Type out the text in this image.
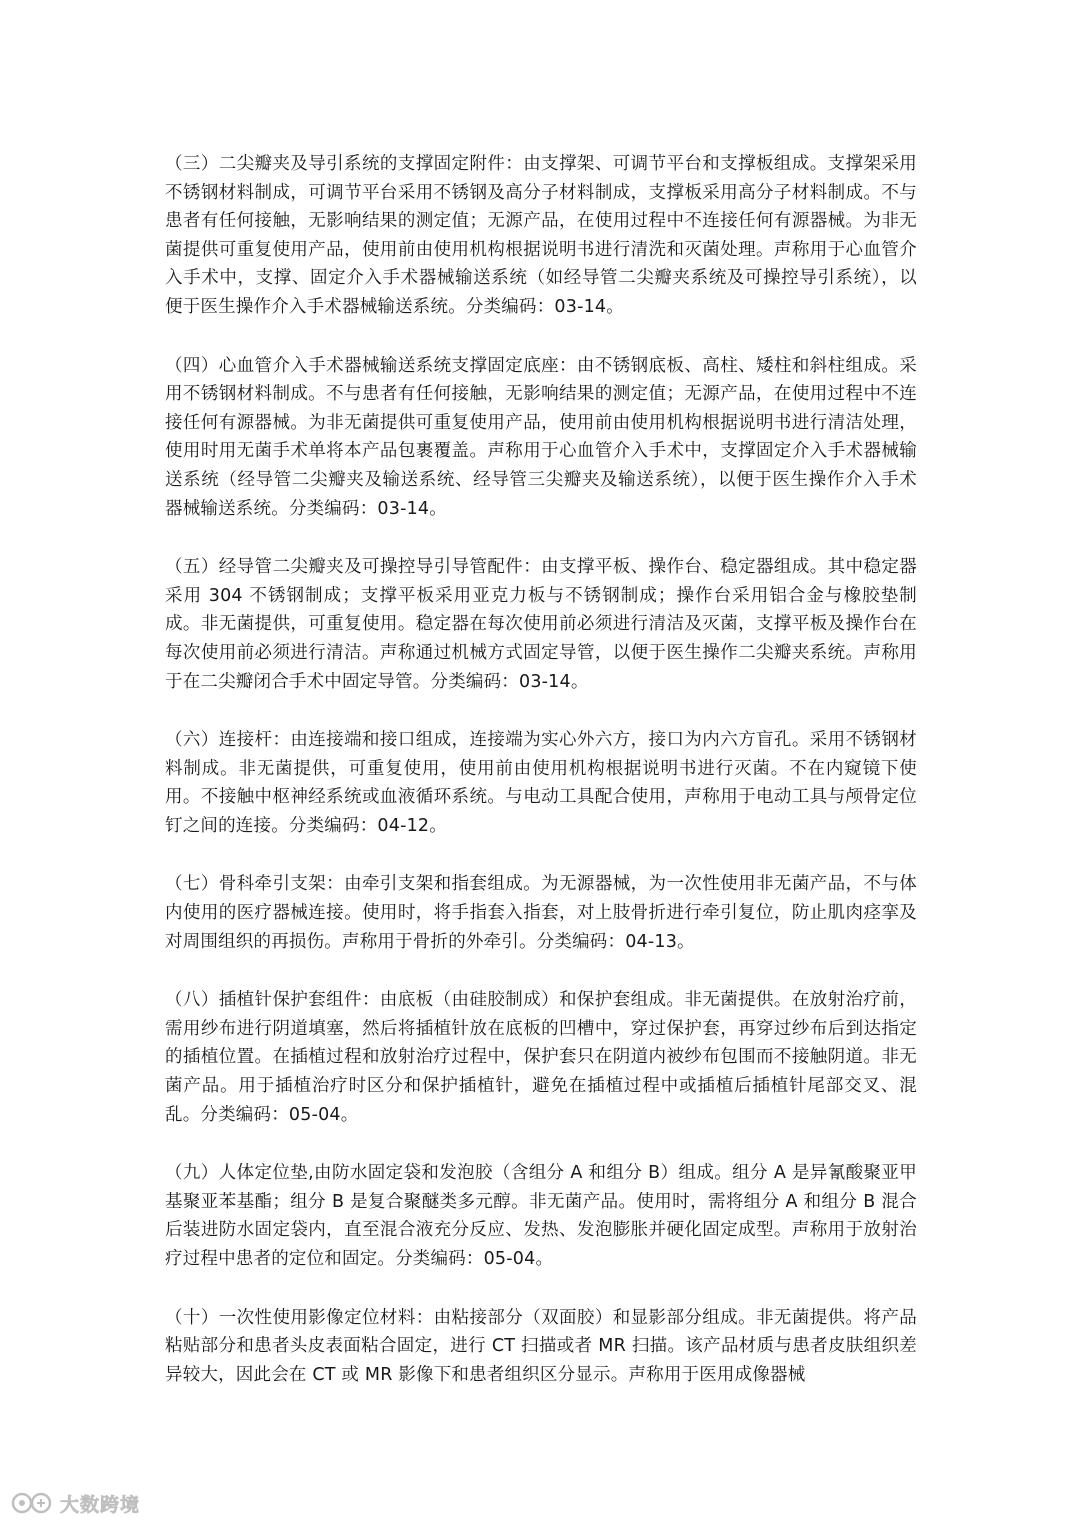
（三）二尖瓣夹及导引系统的支撑固定附件：由支撑架、可调节平台和支撑板组成。支撑架采用不锈钢材料制成，可调节平台采用不锈钢及高分子材料制成，支撑板采用高分子材料制成。不与患者有任何接触，无影响结果的测定值；无源产品，在使用过程中不连接任何有源器械。为非无菌提供可重复使用产品，使用前由使用机构根据说明书进行清洗和灭菌处理。声称用于心血管介入手术中，支撑、固定介入手术器械输送系统（如经导管二尖瓣夹系统及可操控导引系统），以便于医生操作介入手术器械输送系统。分类编码：03-14。

（四）心血管介入手术器械输送系统支撑固定底座：由不锈钢底板、高柱、矮柱和斜柱组成。采用不锈钢材料制成。不与患者有任何接触，无影响结果的测定值；无源产品，在使用过程中不连接任何有源器械。为非无菌提供可重复使用产品，使用前由使用机构根据说明书进行清洁处理，使用时用无菌手术单将本产品包裹覆盖。声称用于心血管介入手术中，支撑固定介入手术器械输送系统（经导管二尖瓣夹及输送系统、经导管三尖瓣夹及输送系统），以便于医生操作介入手术器械输送系统。分类编码：03-14。

（五）经导管二尖瓣夹及可操控导引导管配件：由支撑平板、操作台、稳定器组成。其中稳定器采用 304 不锈钢制成；支撑平板采用亚克力板与不锈钢制成；操作台采用铝合金与橡胶垫制成。非无菌提供，可重复使用。稳定器在每次使用前必须进行清洁及灭菌，支撑平板及操作台在每次使用前必须进行清洁。声称通过机械方式固定导管，以便于医生操作二尖瓣夹系统。声称用于在二尖瓣闭合手术中固定导管。分类编码：03-14。

（六）连接杆：由连接端和接口组成，连接端为实心外六方，接口为内六方盲孔。采用不锈钢材料制成。非无菌提供，可重复使用，使用前由使用机构根据说明书进行灭菌。不在内窥镜下使用。不接触中枢神经系统或血液循环系统。与电动工具配合使用，声称用于电动工具与颅骨定位钉之间的连接。分类编码：04-12。

（七）骨科牵引支架：由牵引支架和指套组成。为无源器械，为一次性使用非无菌产品，不与体内使用的医疗器械连接。使用时，将手指套入指套，对上肢骨折进行牵引复位，防止肌肉痉挛及对周围组织的再损伤。声称用于骨折的外牵引。分类编码：04-13。

（八）插植针保护套组件：由底板（由硅胶制成）和保护套组成。非无菌提供。在放射治疗前，需用纱布进行阴道填塞，然后将插植针放在底板的凹槽中，穿过保护套，再穿过纱布后到达指定的插植位置。在插植过程和放射治疗过程中，保护套只在阴道内被纱布包围而不接触阴道。非无菌产品。用于插植治疗时区分和保护插植针，避免在插植过程中或插植后插植针尾部交叉、混乱。分类编码：05-04。

（九）人体定位垫,由防水固定袋和发泡胶（含组分 A 和组分 B）组成。组分 A 是异氰酸聚亚甲基聚亚苯基酯；组分 B 是复合聚醚类多元醇。非无菌产品。使用时，需将组分 A 和组分 B 混合后装进防水固定袋内，直至混合液充分反应、发热、发泡膨胀并硬化固定成型。声称用于放射治疗过程中患者的定位和固定。分类编码：05-04。

（十）一次性使用影像定位材料：由粘接部分（双面胶）和显影部分组成。非无菌提供。将产品粘贴部分和患者头皮表面粘合固定，进行 CT 扫描或者 MR 扫描。该产品材质与患者皮肤组织差异较大，因此会在 CT 或 MR 影像下和患者组织区分显示。声称用于医用成像器械

大数跨境
